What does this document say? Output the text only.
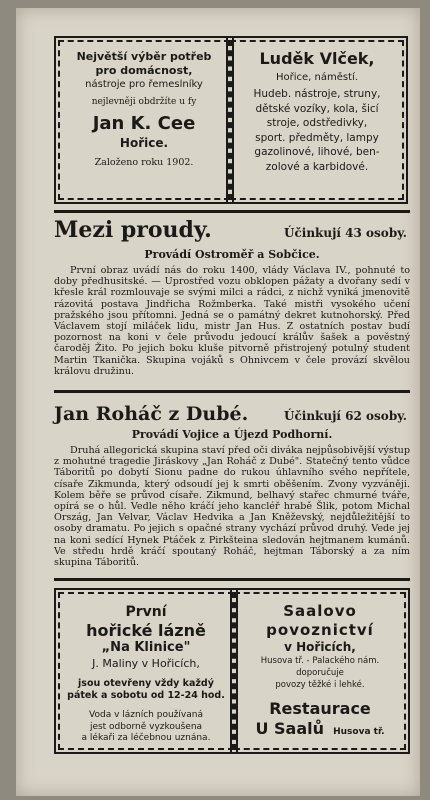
Největší výběr potřeb
pro domácnost,
nástroje pro řemeslníky
nejlevněji obdržíte u fy
Jan K. Cee
Hořice.
Založeno roku 1902.
Luděk Vlček,
Hořice, náměstí.
Hudeb. nástroje, struny,
dětské vozíky, kola, šicí
stroje, odstředivky,
sport. předměty, lampy
gazolinové, lihové, ben-
zolové a karbidové.
Mezi proudy.	Účinkují 43 osoby.
Provádí Ostroměř a Sobčice.
První obraz uvádí nás do roku 1400, vlády Václava IV., pohnuté to doby předhusitské. — Uprostřed vozu obklopen pážaty a dvořany sedí v křesle král rozmlouvaje se svými milci a rádci, z nichž vyniká jmenovitě rázovitá postava Jindřicha Rožmberka. Také mistři vysokého učení pražského jsou přítomni. Jedná se o památný dekret kutnohorský. Před Václavem stojí miláček lidu, mistr Jan Hus. Z ostatních postav budí pozornost na koni v čele průvodu jedoucí králův šašek a pověstný čaroděj Žito. Po jejich boku kluše pitvorně přistrojený potulný student Martin Tkanička. Skupina vojáků s Ohnivcem v čele provází skvělou královu družinu.
Jan Roháč z Dubé.	Účinkují 62 osoby.
Provádí Vojice a Újezd Podhorní.
Druhá allegorická skupina staví před oči diváka nejpůsobivější výstup z mohutné tragedie Jiráskovy „Jan Roháč z Dubé". Statečný tento vůdce Táboritů po dobytí Sionu padne do rukou úhlavního svého nepřítele, císaře Zikmunda, který odsoudí jej k smrti oběšením. Zvony vyzváněji. Kolem běře se průvod císaře. Zikmund, belhavý stařec chmurné tváře, opírá se o hůl. Vedle něho kráčí jeho kancléř hrabě Šlik, potom Michal Ország, Jan Velvar, Václav Hedvika a Jan Kněževský, nejdůležitější to osoby dramatu. Po jejich s opačné strany vychází průvod druhý. Vede jej na koni sedící Hynek Ptáček z Pirkšteina sledován hejtmanem kumánů. Ve středu hrdě kráčí spoutaný Roháč, hejtman Táborský a za ním skupina Táboritů.
První
hořické lázně
„Na Klinice"
J. Maliny v Hořicích,
jsou otevřeny vždy každý
pátek a sobotu od 12-24 hod.
Voda v lázních používaná
jest odborně vyzkoušena
a lékaři za léčebnou uznána.
Saalovo
povoznictví
v Hořicích,
Husova tř. - Palackého nám.
doporučuje
povozy těžké i lehké.
Restaurace
U Saalů Husova tř.
